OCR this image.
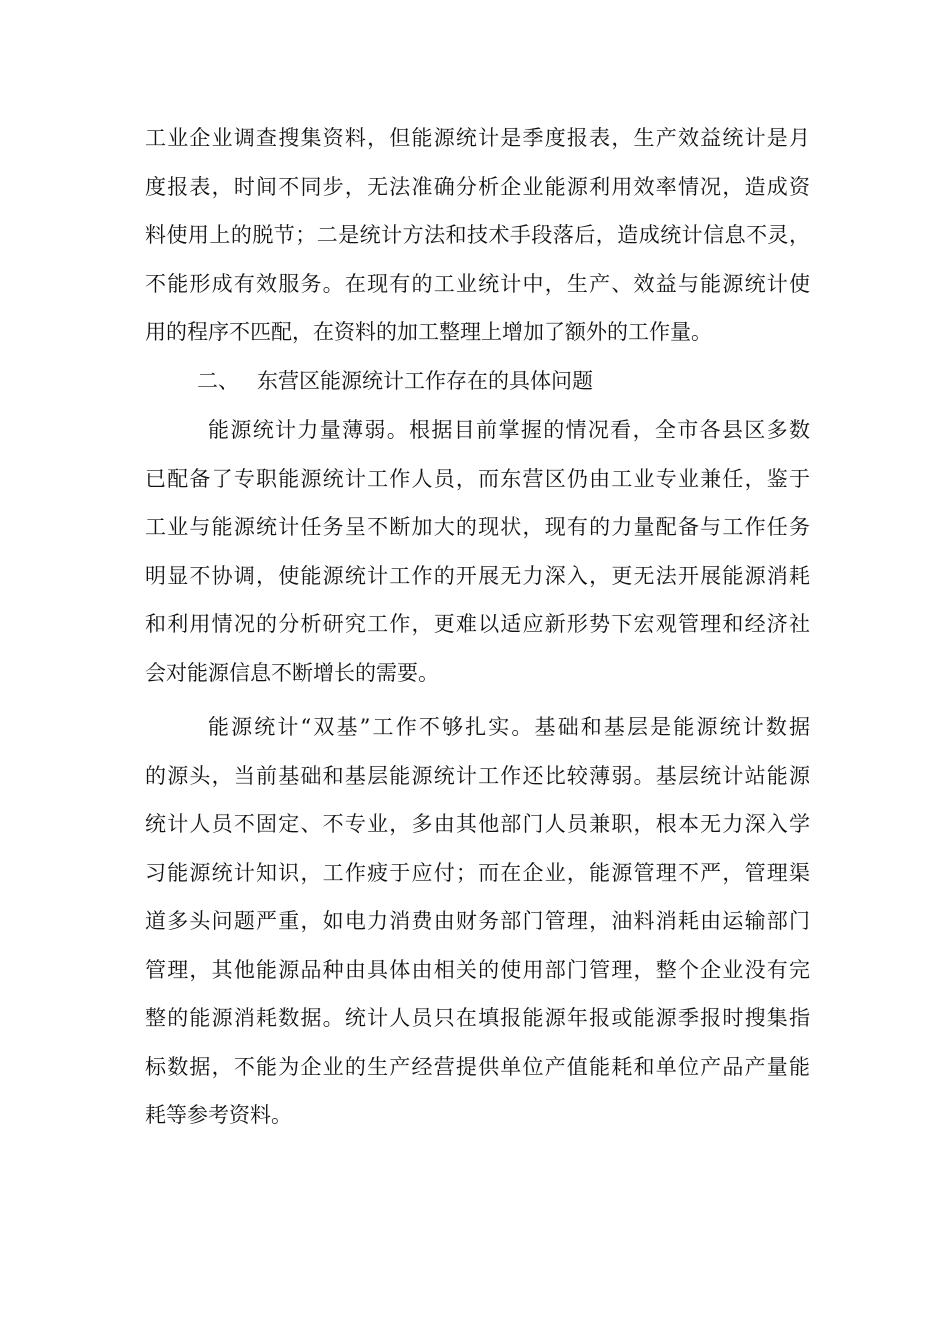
工业企业调查搜集资料，但能源统计是季度报表，生产效益统计是月
度报表，时间不同步，无法准确分析企业能源利用效率情况，造成资
料使用上的脱节；二是统计方法和技术手段落后，造成统计信息不灵，
不能形成有效服务。在现有的工业统计中，生产、效益与能源统计使
用的程序不匹配，在资料的加工整理上增加了额外的工作量。
二、 东营区能源统计工作存在的具体问题
能源统计力量薄弱。根据目前掌握的情况看，全市各县区多数
已配备了专职能源统计工作人员，而东营区仍由工业专业兼任，鉴于
工业与能源统计任务呈不断加大的现状，现有的力量配备与工作任务
明显不协调，使能源统计工作的开展无力深入，更无法开展能源消耗
和利用情况的分析研究工作，更难以适应新形势下宏观管理和经济社
会对能源信息不断增长的需要。
能源统计“双基”工作不够扎实。基础和基层是能源统计数据
的源头，当前基础和基层能源统计工作还比较薄弱。基层统计站能源
统计人员不固定、不专业，多由其他部门人员兼职，根本无力深入学
习能源统计知识，工作疲于应付；而在企业，能源管理不严，管理渠
道多头问题严重，如电力消费由财务部门管理，油料消耗由运输部门
管理，其他能源品种由具体由相关的使用部门管理，整个企业没有完
整的能源消耗数据。统计人员只在填报能源年报或能源季报时搜集指
标数据，不能为企业的生产经营提供单位产值能耗和单位产品产量能
耗等参考资料。
